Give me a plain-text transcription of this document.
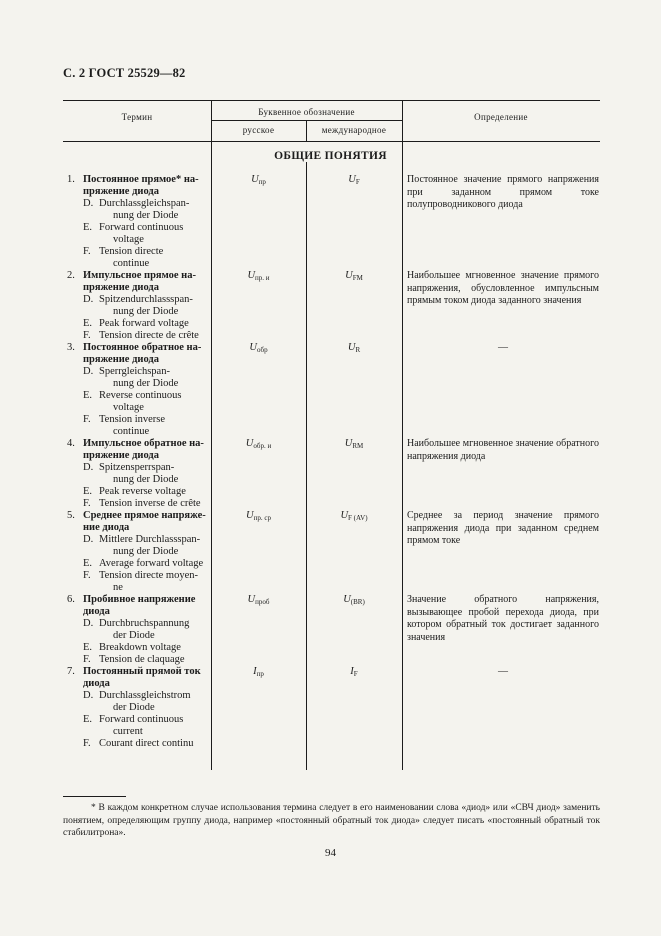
С. 2 ГОСТ 25529—82
Термин	Буквенное обозначение
русское	международное
Определение
ОБЩИЕ ПОНЯТИЯ
1. Постоянное прямое* на-
пряжение диода
D. Durchlassgleichspan-
nung der Diode
E. Forward continuous
voltage
F. Tension directe
continue
$U_{пр}$	$U_F$	Постоянное значение прямого напряжения при заданном прямом токе полупроводникового диода
2. Импульсное прямое на-
пряжение диода
D. Spitzendurchlassspan-
nung der Diode
E. Peak forward voltage
F. Tension directe de crête
$U_{пр. и}$	$U_{FM}$	Наибольшее мгновенное значение прямого напряжения, обусловленное импульсным прямым током диода заданного значения
3. Постоянное обратное на-
пряжение диода
D. Sperrgleichspan-
nung der Diode
E. Reverse continuous
voltage
F. Tension inverse
continue
$U_{обр}$	$U_R$	—
4. Импульсное обратное на-
пряжение диода
D. Spitzensperrspan-
nung der Diode
E. Peak reverse voltage
F. Tension inverse de crête
$U_{обр. и}$	$U_{RM}$	Наибольшее мгновенное значение обратного напряжения диода
5. Среднее прямое напряже-
ние диода
D. Mittlere Durchlassspan-
nung der Diode
E. Average forward voltage
F. Tension directe moyen-
ne
$U_{пр. ср}$	$U_{F (AV)}$	Среднее за период значение прямого напряжения диода при заданном среднем прямом токе
6. Пробивное напряжение
диода
D. Durchbruchspannung
der Diode
E. Breakdown voltage
F. Tension de claquage
$U_{проб}$	$U_{(BR)}$	Значение обратного напряжения, вызывающее пробой перехода диода, при котором обратный ток достигает заданного значения
7. Постоянный прямой ток
диода
D. Durchlassgleichstrom
der Diode
E. Forward continuous
current
F. Courant direct continu
$I_{пр}$	$I_F$	—
* В каждом конкретном случае использования термина следует в его наименовании слова «диод» или «СВЧ диод» заменить понятием, определяющим группу диода, например «постоянный обратный ток диода» следует писать «постоянный обратный ток стабилитрона».
94
